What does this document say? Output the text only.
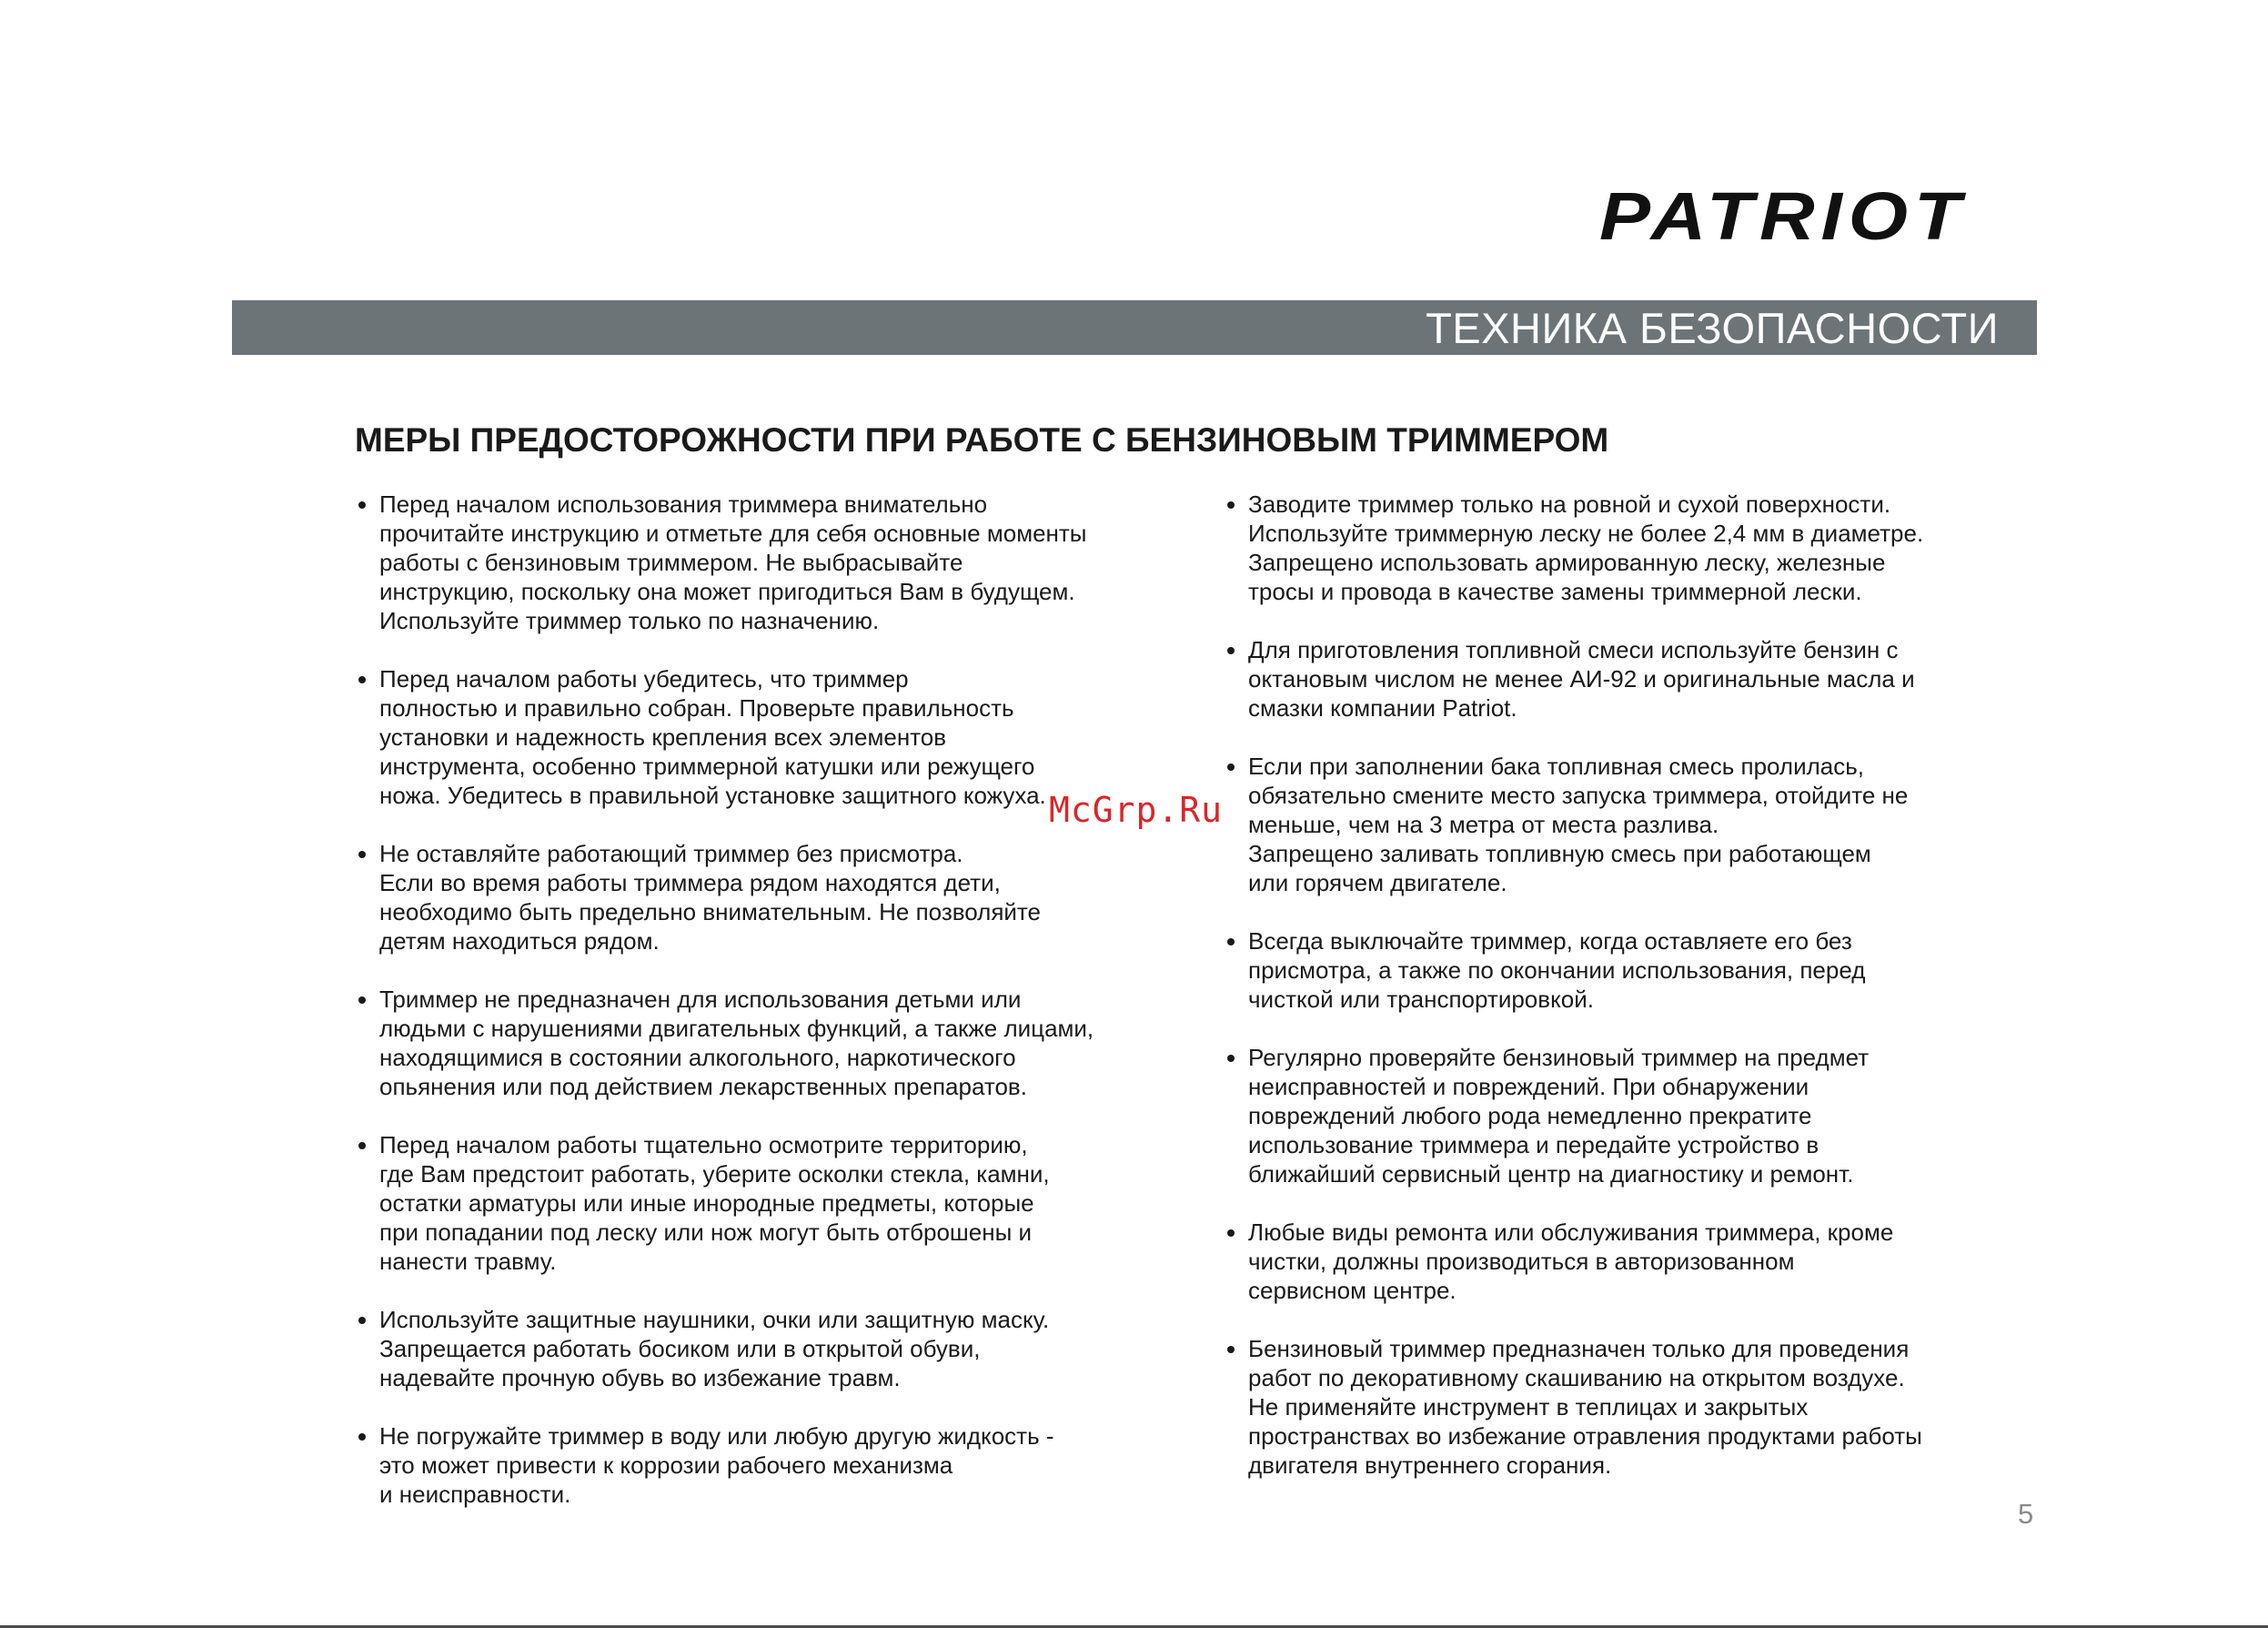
PATRIOT
ТЕХНИКА БЕЗОПАСНОСТИ
МЕРЫ ПРЕДОСТОРОЖНОСТИ ПРИ РАБОТЕ С БЕНЗИНОВЫМ ТРИММЕРОМ
Перед началом использования триммера внимательно
прочитайте инструкцию и отметьте для себя основные моменты
работы с бензиновым триммером. Не выбрасывайте
инструкцию, поскольку она может пригодиться Вам в будущем.
Используйте триммер только по назначению.
Перед началом работы убедитесь, что триммер
полностью и правильно собран. Проверьте правильность
установки и надежность крепления всех элементов
инструмента, особенно триммерной катушки или режущего
ножа. Убедитесь в правильной установке защитного кожуха.
Не оставляйте работающий триммер без присмотра.
Если во время работы триммера рядом находятся дети,
необходимо быть предельно внимательным. Не позволяйте
детям находиться рядом.
Триммер не предназначен для использования детьми или
людьми с нарушениями двигательных функций, а также лицами,
находящимися в состоянии алкогольного, наркотического
опьянения или под действием лекарственных препаратов.
Перед началом работы тщательно осмотрите территорию,
где Вам предстоит работать, уберите осколки стекла, камни,
остатки арматуры или иные инородные предметы, которые
при попадании под леску или нож могут быть отброшены и
нанести травму.
Используйте защитные наушники, очки или защитную маску.
Запрещается работать босиком или в открытой обуви,
надевайте прочную обувь во избежание травм.
Не погружайте триммер в воду или любую другую жидкость -
это может привести к коррозии рабочего механизма
и неисправности.
Заводите триммер только на ровной и сухой поверхности.
Используйте триммерную леску не более 2,4 мм в диаметре.
Запрещено использовать армированную леску, железные
тросы и провода в качестве замены триммерной лески.
Для приготовления топливной смеси используйте бензин с
октановым числом не менее АИ-92 и оригинальные масла и
смазки компании Patriot.
Если при заполнении бака топливная смесь пролилась,
обязательно смените место запуска триммера, отойдите не
меньше, чем на 3 метра от места разлива.
Запрещено заливать топливную смесь при работающем
или горячем двигателе.
Всегда выключайте триммер, когда оставляете его без
присмотра, а также по окончании использования, перед
чисткой или транспортировкой.
Регулярно проверяйте бензиновый триммер на предмет
неисправностей и повреждений. При обнаружении
повреждений любого рода немедленно прекратите
использование триммера и передайте устройство в
ближайший сервисный центр на диагностику и ремонт.
Любые виды ремонта или обслуживания триммера, кроме
чистки, должны производиться в авторизованном
сервисном центре.
Бензиновый триммер предназначен только для проведения
работ по декоративному скашиванию на открытом воздухе.
Не применяйте инструмент в теплицах и закрытых
пространствах во избежание отравления продуктами работы
двигателя внутреннего сгорания.
McGrp.Ru
5
